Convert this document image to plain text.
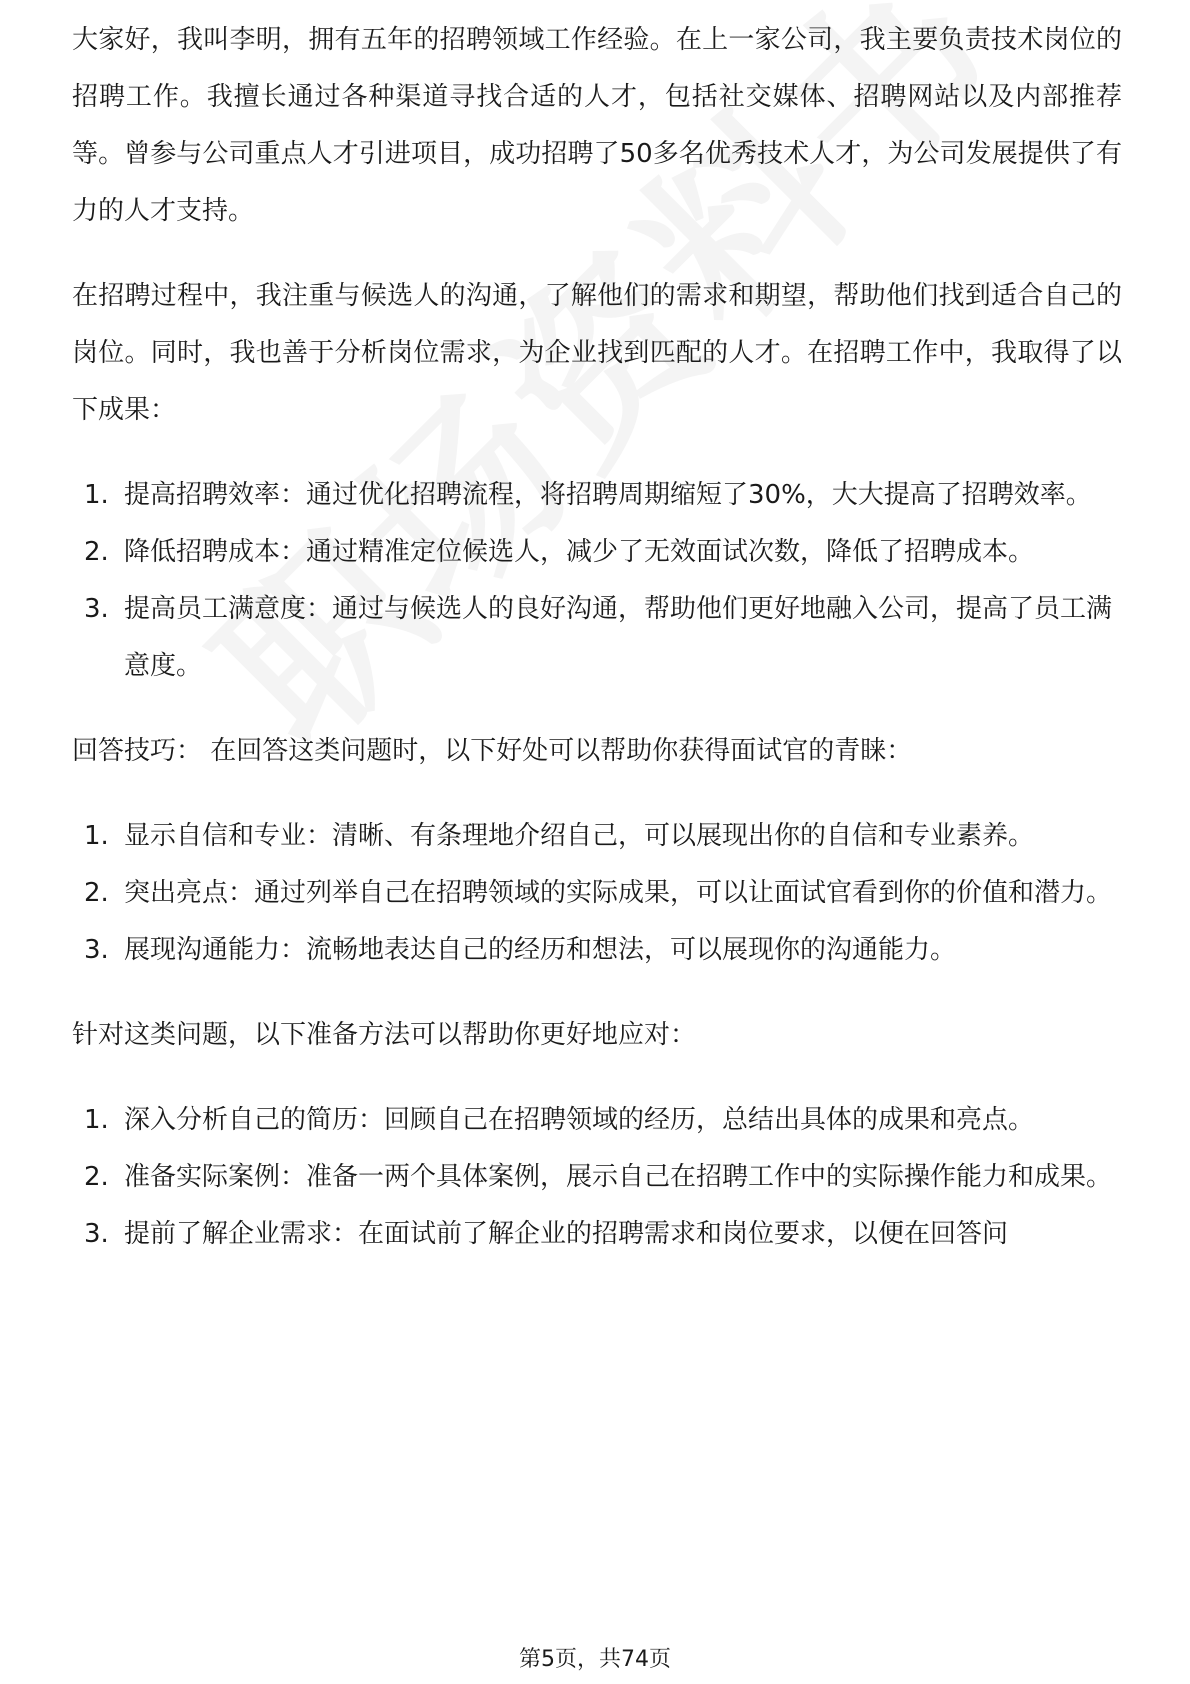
大家好，我叫李明，拥有五年的招聘领域工作经验。在上一家公司，我主要负责技术岗位的招聘工作。我擅长通过各种渠道寻找合适的人才，包括社交媒体、招聘网站以及内部推荐等。曾参与公司重点人才引进项目，成功招聘了50多名优秀技术人才，为公司发展提供了有力的人才支持。

在招聘过程中，我注重与候选人的沟通，了解他们的需求和期望，帮助他们找到适合自己的岗位。同时，我也善于分析岗位需求，为企业找到匹配的人才。在招聘工作中，我取得了以下成果：

1. 提高招聘效率：通过优化招聘流程，将招聘周期缩短了30%，大大提高了招聘效率。
2. 降低招聘成本：通过精准定位候选人，减少了无效面试次数，降低了招聘成本。
3. 提高员工满意度：通过与候选人的良好沟通，帮助他们更好地融入公司，提高了员工满意度。

回答技巧： 在回答这类问题时，以下好处可以帮助你获得面试官的青睐：

1. 显示自信和专业：清晰、有条理地介绍自己，可以展现出你的自信和专业素养。
2. 突出亮点：通过列举自己在招聘领域的实际成果，可以让面试官看到你的价值和潜力。
3. 展现沟通能力：流畅地表达自己的经历和想法，可以展现你的沟通能力。

针对这类问题，以下准备方法可以帮助你更好地应对：

1. 深入分析自己的简历：回顾自己在招聘领域的经历，总结出具体的成果和亮点。
2. 准备实际案例：准备一两个具体案例，展示自己在招聘工作中的实际操作能力和成果。
3. 提前了解企业需求：在面试前了解企业的招聘需求和岗位要求，以便在回答问
第5页，共74页
